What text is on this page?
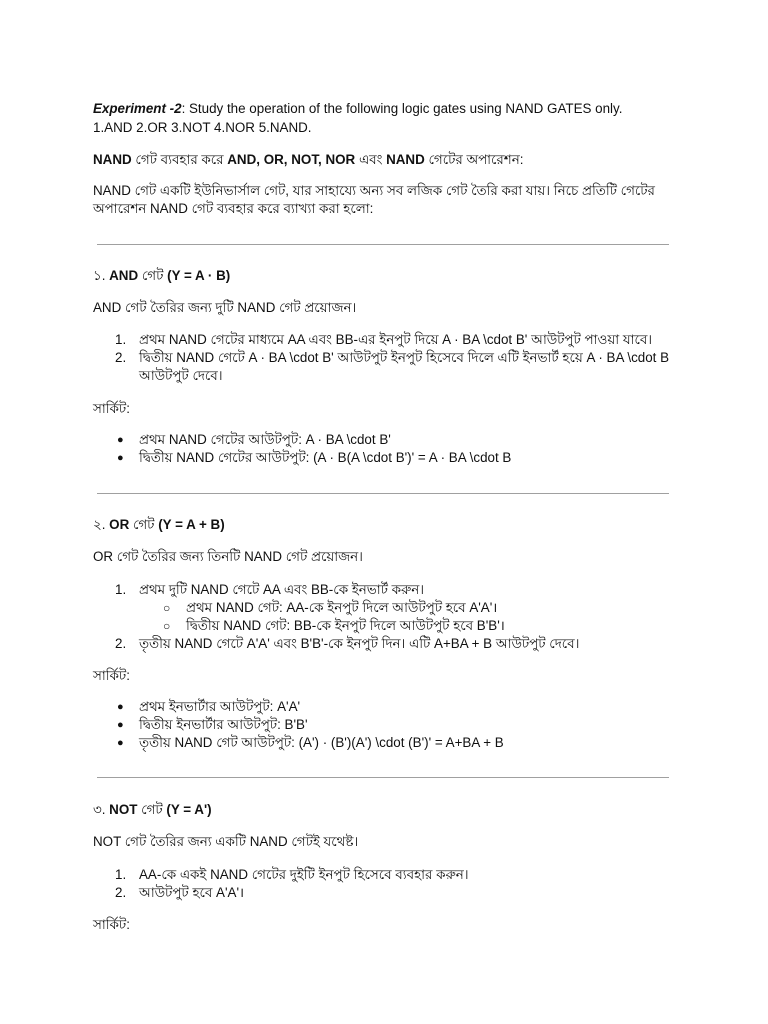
Experiment -2: Study the operation of the following logic gates using NAND GATES only.

1.AND 2.OR 3.NOT 4.NOR 5.NAND.

NAND গেট ব্যবহার করে AND, OR, NOT, NOR এবং NAND গেটের অপারেশন:

NAND গেট একটি ইউনিভার্সাল গেট, যার সাহায্যে অন্য সব লজিক গেট তৈরি করা যায়। নিচে প্রতিটি গেটের অপারেশন NAND গেট ব্যবহার করে ব্যাখ্যা করা হলো:

১. AND গেট (Y = A · B)

AND গেট তৈরির জন্য দুটি NAND গেট প্রয়োজন।

1. প্রথম NAND গেটের মাধ্যমে AA এবং BB-এর ইনপুট দিয়ে A · BA \cdot B' আউটপুট পাওয়া যাবে।
2. দ্বিতীয় NAND গেটে A · BA \cdot B' আউটপুট ইনপুট হিসেবে দিলে এটি ইনভার্ট হয়ে A · BA \cdot B আউটপুট দেবে।

সার্কিট:

● প্রথম NAND গেটের আউটপুট: A · BA \cdot B'
● দ্বিতীয় NAND গেটের আউটপুট: (A · B(A \cdot B')' = A · BA \cdot B

২. OR গেট (Y = A + B)

OR গেট তৈরির জন্য তিনটি NAND গেট প্রয়োজন।

1. প্রথম দুটি NAND গেটে AA এবং BB-কে ইনভার্ট করুন।
○ প্রথম NAND গেট: AA-কে ইনপুট দিলে আউটপুট হবে A'A'।
○ দ্বিতীয় NAND গেট: BB-কে ইনপুট দিলে আউটপুট হবে B'B'।
2. তৃতীয় NAND গেটে A'A' এবং B'B'-কে ইনপুট দিন। এটি A+BA + B আউটপুট দেবে।

সার্কিট:

● প্রথম ইনভার্টার আউটপুট: A'A'
● দ্বিতীয় ইনভার্টার আউটপুট: B'B'
● তৃতীয় NAND গেট আউটপুট: (A') · (B')(A') \cdot (B')' = A+BA + B

৩. NOT গেট (Y = A')

NOT গেট তৈরির জন্য একটি NAND গেটই যথেষ্ট।

1. AA-কে একই NAND গেটের দুইটি ইনপুট হিসেবে ব্যবহার করুন।
2. আউটপুট হবে A'A'।

সার্কিট:
